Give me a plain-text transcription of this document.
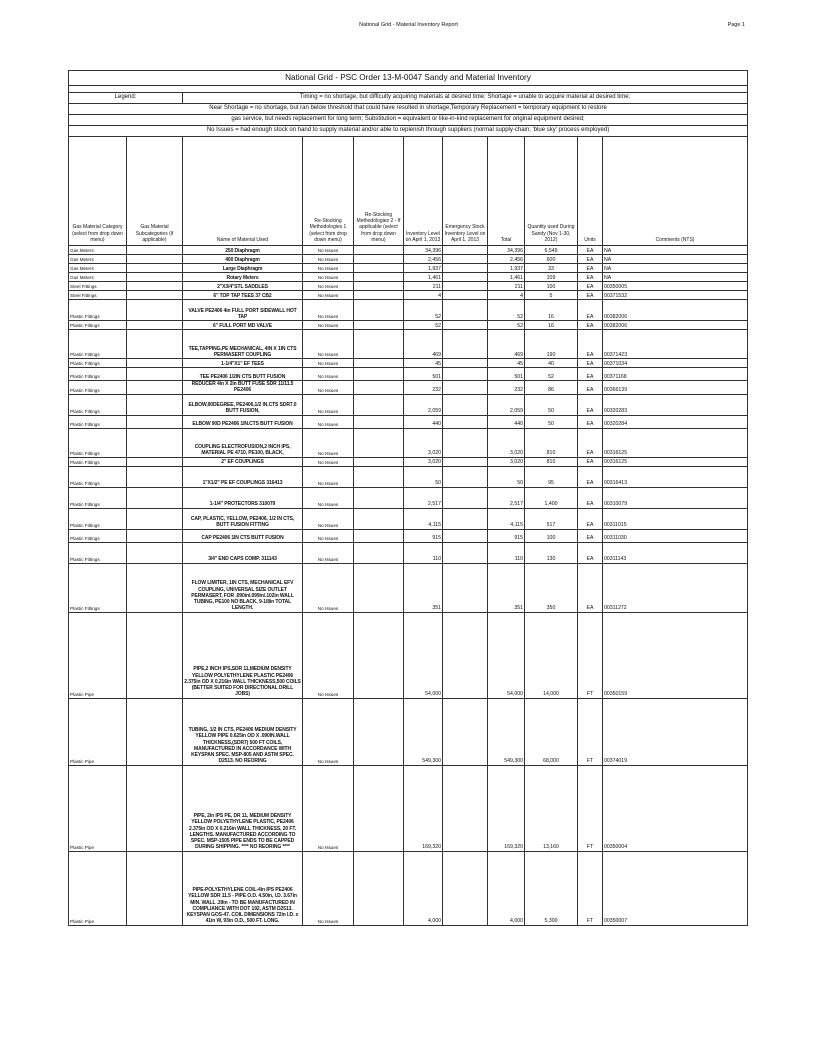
National Grid - Material Inventory Report	Page 1
National Grid - PSC Order 13-M-0047 Sandy and Material Inventory										

Legend:		Timing = no shortage, but difficulty acquiring materials at desired time; Shortage = unable to acquire material at desired time;								
Near Shortage = no shortage, but ran below threshold that could have resulted in shortage;Temporary Replacement = temporary equipment to restore										
gas service, but needs replacement for long term; Substitution = equivalent or like-in-kind replacement for original equipment desired;										
No Issues = had enough stock on hand to supply material and/or able to replenish through suppliers (normal supply-chain; 'blue sky' process employed)										
Gas Material Category (select from drop down menu)	Gas Material Subcategories (if applicable)	Name of Material Used	Re-Stocking Methodologies 1 (select from drop down menu)	Re-Stocking Methodologies 2 - If applicable (select from drop down menu)	Inventory Level on April 1, 2013	Emergency Stock Inventory Level on April 1, 2013	Total	Quantity used During Sandy (Nov 1-30, 2012)	Units	Comments (NTS)
Gas Meters		250 Diaphragm	No Issues		34,396		34,396	6,549	EA	NA
Gas Meters		400 Diaphragm	No Issues		2,456		2,456	600	EA	NA
Gas Meters		Large Diaphragm	No Issues		1,937		1,937	33	EA	NA
Gas Meters		Rotary Meters	No Issues		1,461		1,461	109	EA	NA
Steel Fittings		2"X3/4"STL SADDLES	No Issues		211		211	100	EA	00350005
Steel Fittings		6" TOP TAP TEES 37 CB2	No Issues		4		4	5	EA	00371532
Plastic Fittings		VALVE PE2406 4in FULL PORT SIDEWALL HOT TAP	No Issues		52		52	16	EA	00382006
Plastic Fittings		6" FULL PORT MD VALVE	No Issues		52		52	16	EA	00382006
Plastic Fittings		TEE,TAPPING,PE MECHANICAL, 4IN X 1IN CTS PERMASERT COUPLING	No Issues		469		469	190	EA	00371423
Plastic Fittings		1-1/4"X1" EF TEES	No Issues		45		45	40	EA	00371034
Plastic Fittings		TEE PE2406 1/2IN CTS BUTT FUSION	No Issues		501		501	52	EA	00371168
Plastic Fittings		REDUCER 4in X 2in BUTT FUSE SDR 11/11.5 PE2406	No Issues		232		232	86	EA	00366139
Plastic Fittings		ELBOW,90DEGREE, PE2406,1/2 IN.CTS SDR7.0 BUTT FUSION,	No Issues		2,059		2,059	50	EA	00320283
Plastic Fittings		ELBOW 90D PE2406 1IN.CTS BUTT FUSION	No Issues		440		440	50	EA	00320284
Plastic Fittings		COUPLING ELECTROFUSION,2 INCH IPS, MATERIAL PE 4710, PE100, BLACK,	No Issues		3,020		3,020	810	EA	00316125
Plastic Fittings		2" EF COUPLINGS	No Issues		3,020		3,020	810	EA	00316125
Plastic Fittings		1"X1/2" PE EF COUPLINGS 316413	No Issues		50		50	95	EA	00316413
Plastic Fittings		1-1/4" PROTECTORS 310079	No Issues		2,517		2,517	1,400	EA	00310079
Plastic Fittings		CAP, PLASTIC, YELLOW, PE2406, 1/2 IN CTS, BUTT FUSION FITTING	No Issues		4,115		4,115	517	EA	00311015
Plastic Fittings		CAP PE2406 1IN CTS BUTT FUSION	No Issues		915		915	100	EA	00311030
Plastic Fittings		3/4" END CAPS COMP. 311143	No Issues		110		110	130	EA	00311143
Plastic Fittings		FLOW LIMITER, 1IN CTS, MECHANICAL EFV COUPLING, UNIVERSAL SIZE OUTLET PERMASERT, FOR .090in/.099in/.102in WALL TUBING, PE100 NO BLACK, 9-1/8in TOTAL LENGTH.	No Issues		351		351	350	EA	00311272
Plastic Pipe		PIPE,2 INCH IPS,SDR 11,MEDIUM DENSITY YELLOW POLYETHYLENE PLASTIC PE2406 2.375in OD X 0.216in WALL THICKNESS,500 COILS (BETTER SUITED FOR DIRECTIONAL DRILL JOBS)	No Issues		54,000		54,000	14,000	FT	00350159
Plastic Pipe		TUBING, 1/2 IN CTS, PE2406 MEDIUM DENSITY YELLOW PIPE 0.625in OD X .090IN.WALL THICKNESS,(SDR7) 500 FT COILS, MANUFACTURED IN ACCORDANCE WITH KEYSPAN SPEC. MSP-805 AND ASTM SPEC. D2513. NO REORING	No Issues		549,300		549,300	68,000	FT	00374019
Plastic Pipe		PIPE, 2in IPS PE, DR 11, MEDIUM DENSITY YELLOW POLYETHYLENE PLASTIC, PE2406 2.375in OD X 0.216in WALL THICKNESS, 20 FT. LENGTHS. MANUFACTURED ACCORDING TO SPEC. MSP-1505 PIPE ENDS TO BE CAPPED DURING SHIPPING. **** NO REORING ****	No Issues		169,320		169,320	13,160	FT	00350004
Plastic Pipe		PIPE-POLYETHYLENE COIL-4in IPS PE2406 YELLOW SDR 11.5 - PIPE O.D. 4.50in, I.D. 3.67in MIN. WALL .39in - TO BE MANUFACTURED IN COMPLIANCE WITH DOT 192, ASTM D2513. KEYSPAN GOS-47. COIL DIMENSIONS 72in I.D. x 41in W, 93in O.D., 500 FT. LONG.	No Issues		4,000		4,000	5,300	FT	00350007
